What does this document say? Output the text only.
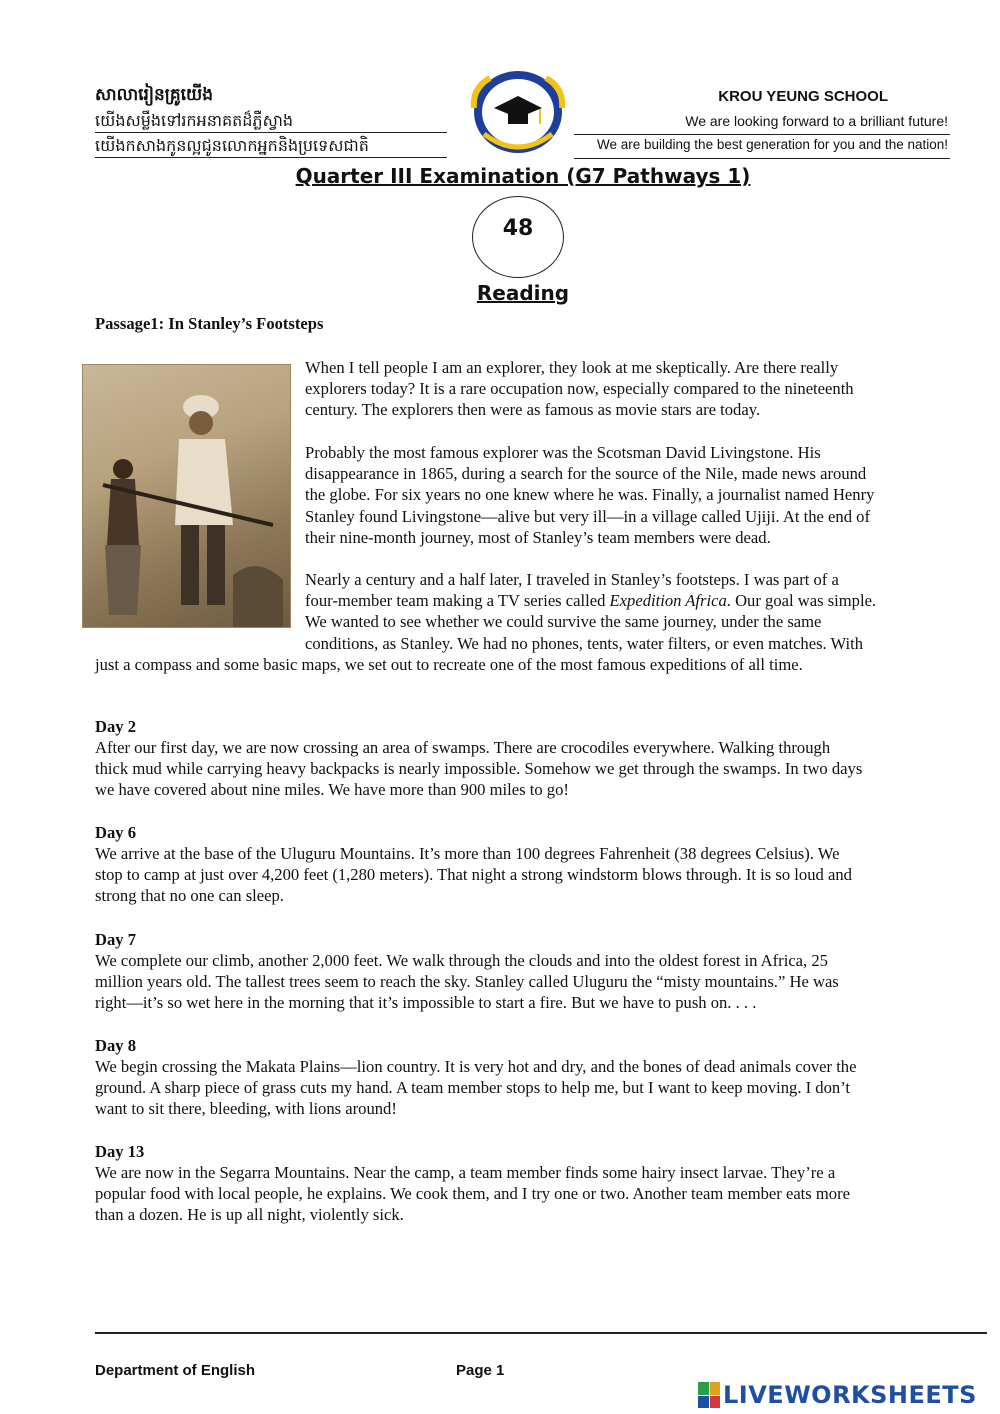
សាលារៀនគ្រូយើង
យើងសម្លឹងទៅរកអនាគតដ៏ភ្លឺស្វាង
យើងកសាងកូនល្អជូនលោកអ្នកនិងប្រទេសជាតិ
KROU YEUNG SCHOOL
We are looking forward to a brilliant future!
We are building the best generation for you and the nation!
Quarter III Examination (G7 Pathways 1)
48
Reading
Passage1: In Stanley’s Footsteps
When I tell people I am an explorer, they look at me skeptically. Are there really
explorers today? It is a rare occupation now, especially compared to the nineteenth
century. The explorers then were as famous as movie stars are today.
Probably the most famous explorer was the Scotsman David Livingstone. His
disappearance in 1865, during a search for the source of the Nile, made news around
the globe. For six years no one knew where he was. Finally, a journalist named Henry
Stanley found Livingstone—alive but very ill—in a village called Ujiji. At the end of
their nine-month journey, most of Stanley’s team members were dead.
Nearly a century and a half later, I traveled in Stanley’s footsteps. I was part of a
four-member team making a TV series called Expedition Africa. Our goal was simple.
We wanted to see whether we could survive the same journey, under the same
conditions, as Stanley. We had no phones, tents, water filters, or even matches. With
just a compass and some basic maps, we set out to recreate one of the most famous expeditions of all time.
Day 2
After our first day, we are now crossing an area of swamps. There are crocodiles everywhere. Walking through
thick mud while carrying heavy backpacks is nearly impossible. Somehow we get through the swamps. In two days
we have covered about nine miles. We have more than 900 miles to go!
Day 6
We arrive at the base of the Uluguru Mountains. It’s more than 100 degrees Fahrenheit (38 degrees Celsius). We
stop to camp at just over 4,200 feet (1,280 meters). That night a strong windstorm blows through. It is so loud and
strong that no one can sleep.
Day 7
We complete our climb, another 2,000 feet. We walk through the clouds and into the oldest forest in Africa, 25
million years old. The tallest trees seem to reach the sky. Stanley called Uluguru the “misty mountains.” He was
right—it’s so wet here in the morning that it’s impossible to start a fire. But we have to push on. . . .
Day 8
We begin crossing the Makata Plains—lion country. It is very hot and dry, and the bones of dead animals cover the
ground. A sharp piece of grass cuts my hand. A team member stops to help me, but I want to keep moving. I don’t
want to sit there, bleeding, with lions around!
Day 13
We are now in the Segarra Mountains. Near the camp, a team member finds some hairy insect larvae. They’re a
popular food with local people, he explains. We cook them, and I try one or two. Another team member eats more
than a dozen. He is up all night, violently sick.
Department of English	Page 1
LIVEWORKSHEETS
